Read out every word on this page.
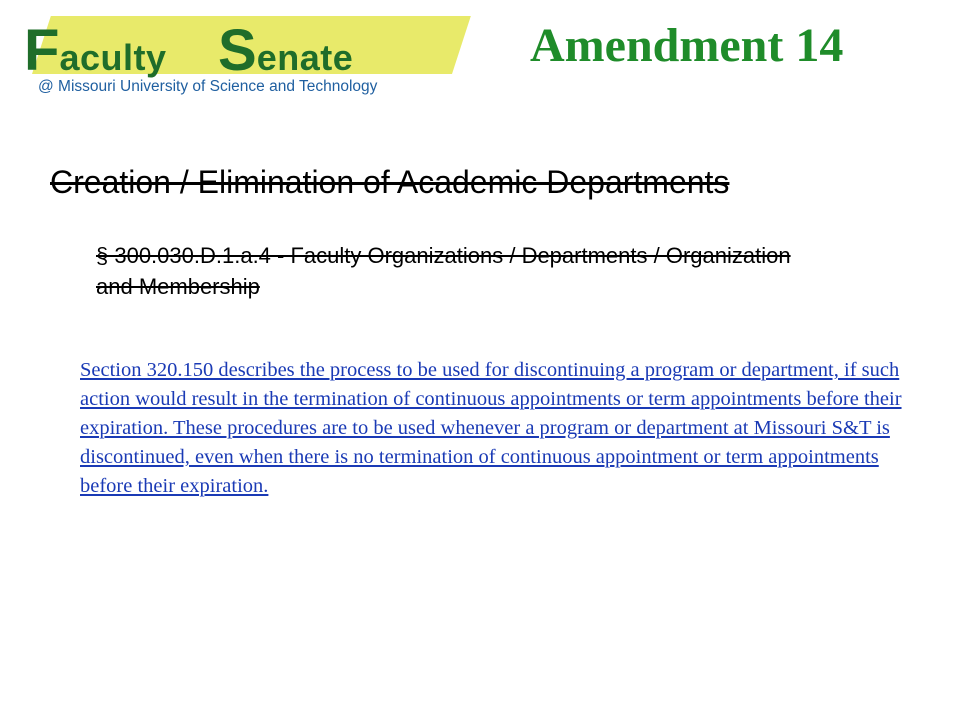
Faculty Senate
@ Missouri University of Science and Technology
Amendment 14
Creation / Elimination of Academic Departments
§ 300.030.D.1.a.4 - Faculty Organizations / Departments / Organization and Membership
Section 320.150 describes the process to be used for discontinuing a program or department, if such action would result in the termination of continuous appointments or term appointments before their expiration. These procedures are to be used whenever a program or department at Missouri S&T is discontinued, even when there is no termination of continuous appointment or term appointments before their expiration.
